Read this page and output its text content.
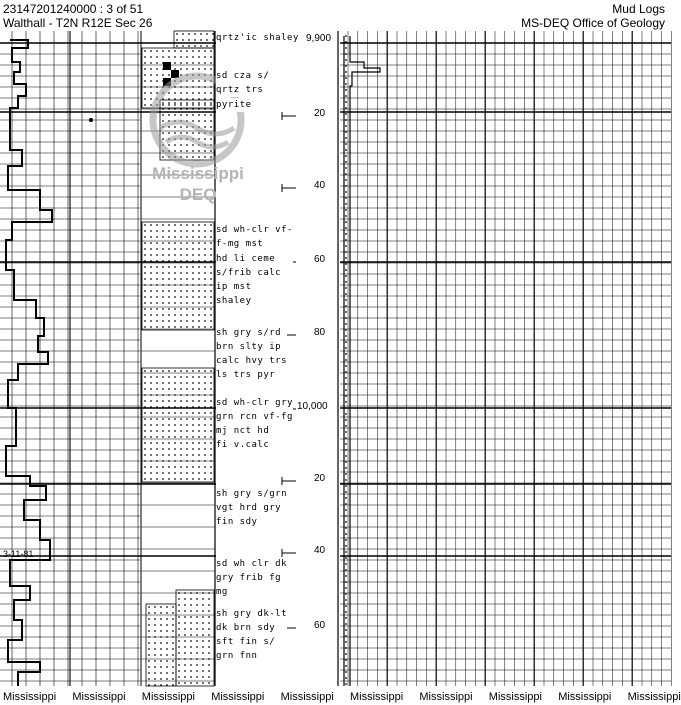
23147201240000 : 3 of 51
Walthall - T2N R12E Sec 26
Mud Logs
MS-DEQ Office of Geology
Mississippi
DEQ
9,900
20
40
60
80
10,000
20
40
60
qrtz'ic shaley
sd cza s/
qrtz trs
pyrite
sd wh-clr vf-
f-mg mst
hd li ceme
s/frib calc
ip mst
shaley
sh gry s/rd
brn slty ip
calc hvy trs
ls trs pyr
sd wh-clr gry
grn rcn vf-fg
mj nct hd
fi v.calc
sh gry s/grn
vgt hrd gry
fin sdy
sd wh clr dk
gry frib fg
mg
sh gry dk-lt
dk brn sdy
sft fin s/
grn fnn
3-11-81
Mississippi Mississippi Mississippi Mississippi Mississippi Mississippi Mississippi Mississippi Mississippi Mississippi
